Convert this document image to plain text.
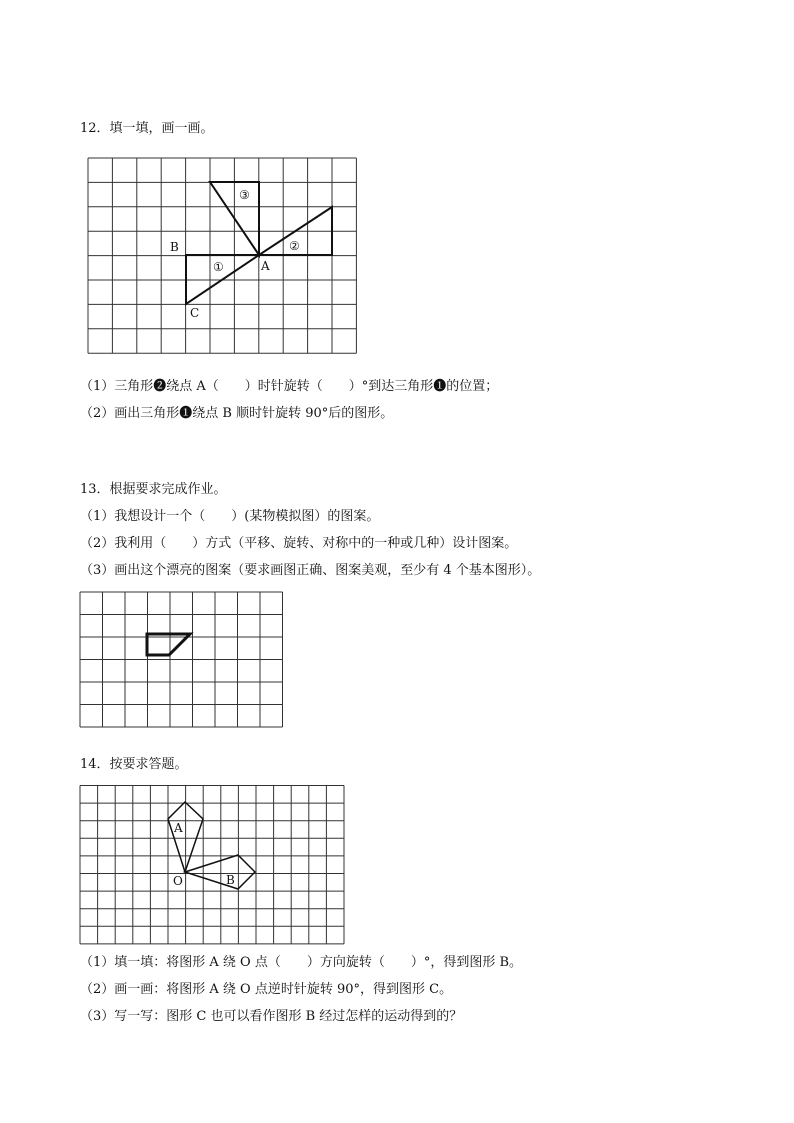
12．填一填，画一画。
③
②
①
B
A
C
（1）三角形❷绕点 A（　　）时针旋转（　　）°到达三角形❶的位置；
（2）画出三角形❶绕点 B 顺时针旋转 90°后的图形。
13．根据要求完成作业。
（1）我想设计一个（　　）(某物模拟图）的图案。
（2）我利用（　　）方式（平移、旋转、对称中的一种或几种）设计图案。
（3）画出这个漂亮的图案（要求画图正确、图案美观，至少有 4 个基本图形）。
14．按要求答题。
A
O	B
（1）填一填：将图形 A 绕 O 点（　　）方向旋转（　　）°，得到图形 B。
（2）画一画：将图形 A 绕 O 点逆时针旋转 90°，得到图形 C。
（3）写一写：图形 C 也可以看作图形 B 经过怎样的运动得到的？
